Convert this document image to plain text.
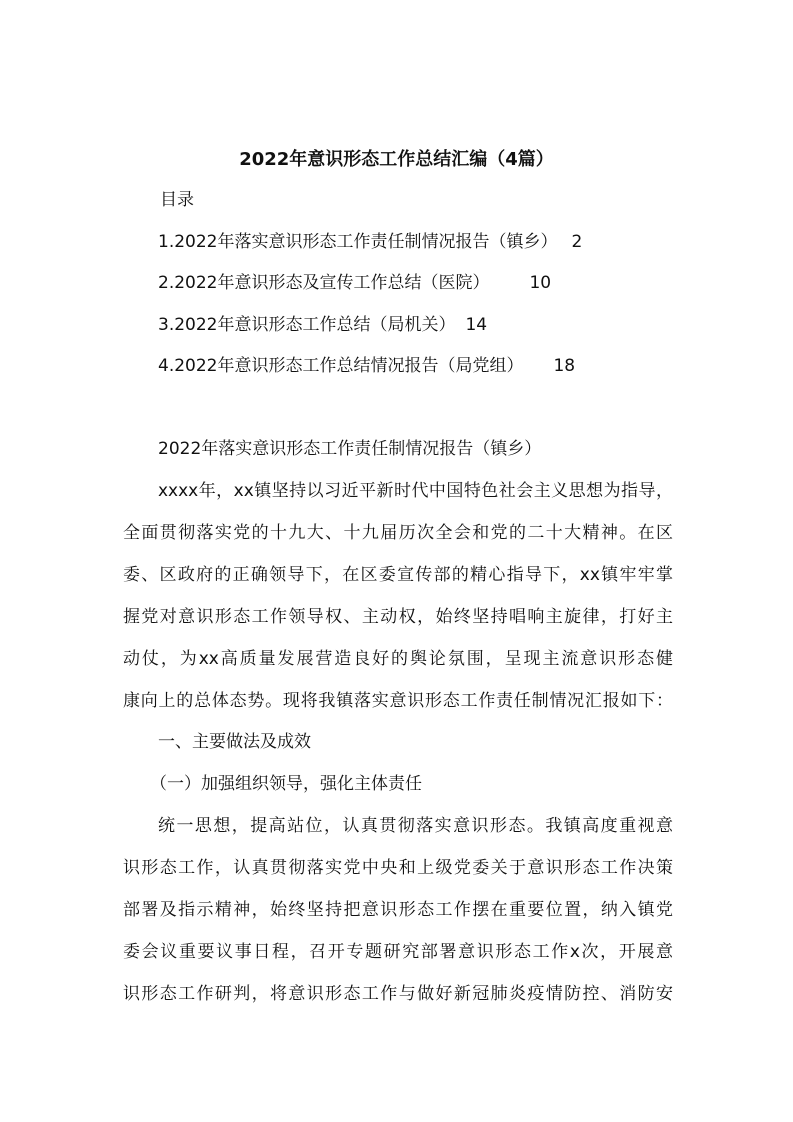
2022年意识形态工作总结汇编（4篇）
目录
1.2022年落实意识形态工作责任制情况报告（镇乡） 2
2.2022年意识形态及宣传工作总结（医院） 10
3.2022年意识形态工作总结（局机关） 14
4.2022年意识形态工作总结情况报告（局党组） 18
2022年落实意识形态工作责任制情况报告（镇乡）
xxxx年，xx镇坚持以习近平新时代中国特色社会主义思想为指导，
全面贯彻落实党的十九大、十九届历次全会和党的二十大精神。在区
委、区政府的正确领导下，在区委宣传部的精心指导下，xx镇牢牢掌
握党对意识形态工作领导权、主动权，始终坚持唱响主旋律，打好主
动仗，为xx高质量发展营造良好的舆论氛围，呈现主流意识形态健
康向上的总体态势。现将我镇落实意识形态工作责任制情况汇报如下：
一、主要做法及成效
（一）加强组织领导，强化主体责任
统一思想，提高站位，认真贯彻落实意识形态。我镇高度重视意
识形态工作，认真贯彻落实党中央和上级党委关于意识形态工作决策
部署及指示精神，始终坚持把意识形态工作摆在重要位置，纳入镇党
委会议重要议事日程，召开专题研究部署意识形态工作x次，开展意
识形态工作研判，将意识形态工作与做好新冠肺炎疫情防控、消防安
